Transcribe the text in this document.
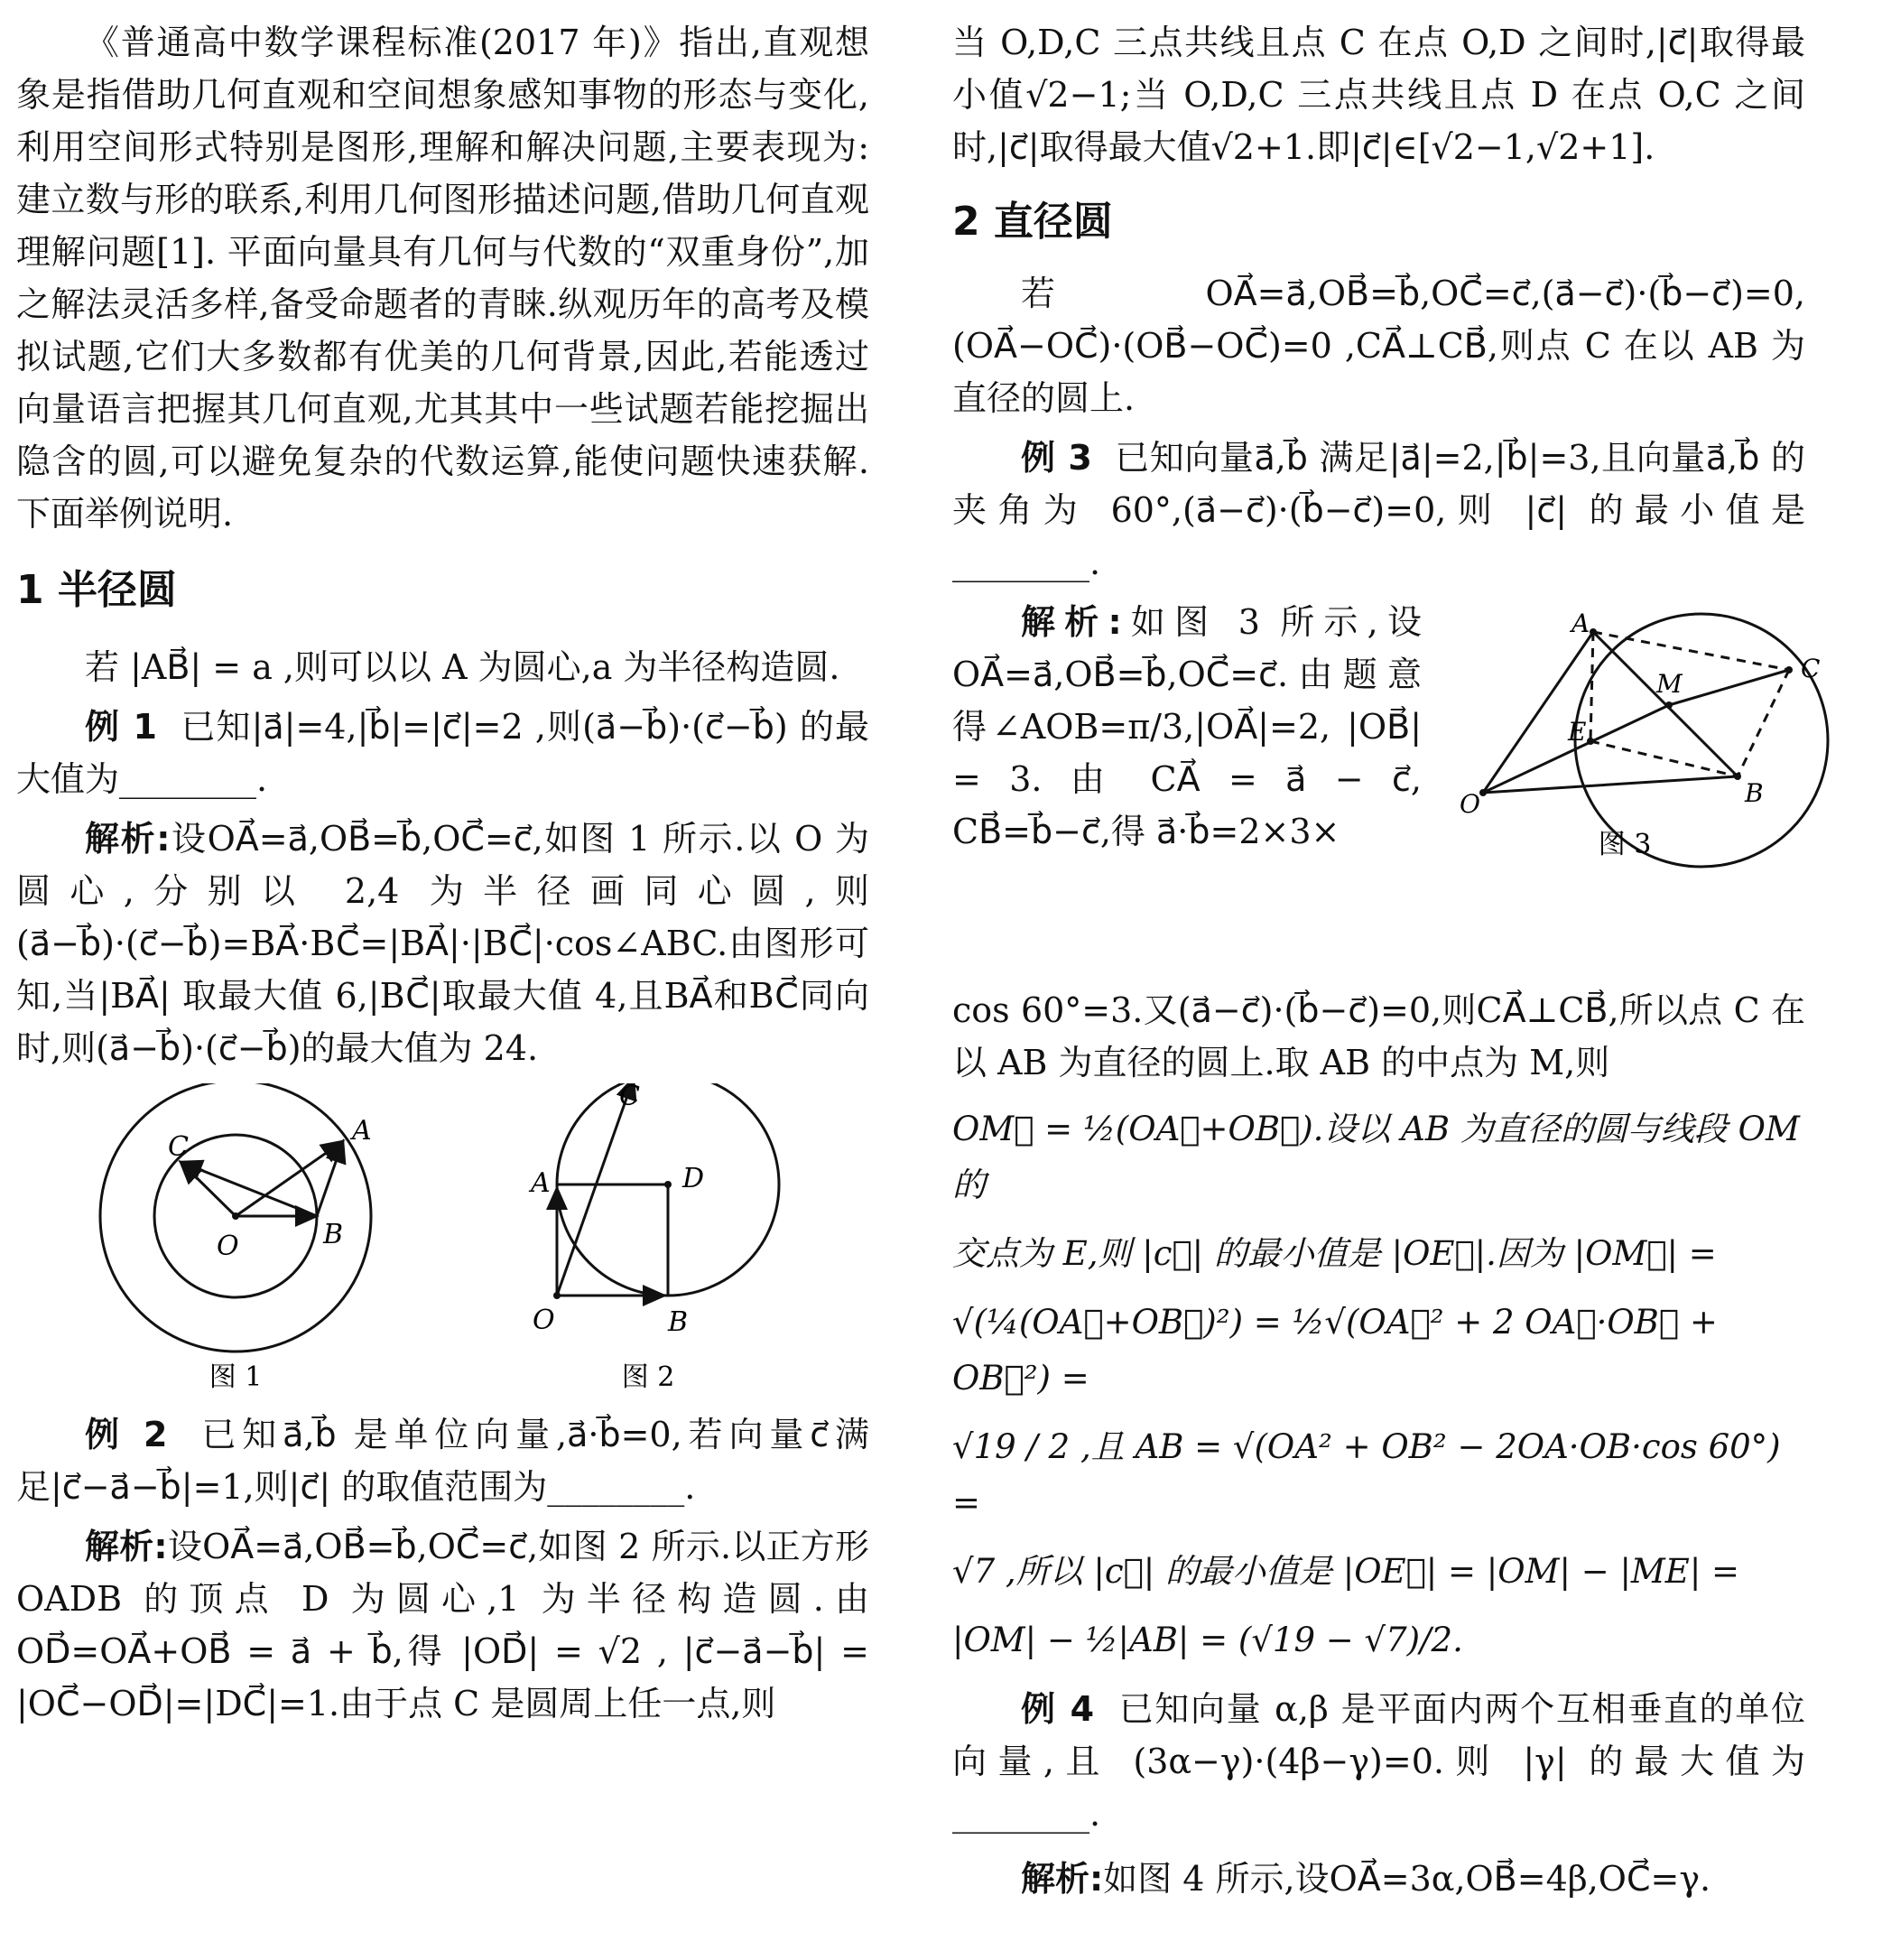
《普通高中数学课程标准(2017 年)》指出,直观想象是指借助几何直观和空间想象感知事物的形态与变化,利用空间形式特别是图形,理解和解决问题,主要表现为:建立数与形的联系,利用几何图形描述问题,借助几何直观理解问题[1]. 平面向量具有几何与代数的“双重身份”,加之解法灵活多样,备受命题者的青睐.纵观历年的高考及模拟试题,它们大多数都有优美的几何背景,因此,若能透过向量语言把握其几何直观,尤其其中一些试题若能挖掘出隐含的圆,可以避免复杂的代数运算,能使问题快速获解.下面举例说明.

1 半径圆

若 |AB⃗| = a ,则可以以 A 为圆心,a 为半径构造圆.

例 1 已知|a⃗|=4,|b⃗|=|c⃗|=2 ,则(a⃗−b⃗)·(c⃗−b⃗) 的最大值为________.

解析:设OA⃗=a⃗,OB⃗=b⃗,OC⃗=c⃗,如图 1 所示.以 O 为圆心,分别以 2,4 为半径画同心圆,则(a⃗−b⃗)·(c⃗−b⃗)=BA⃗·BC⃗=|BA⃗|·|BC⃗|·cos∠ABC.由图形可知,当|BA⃗| 取最大值 6,|BC⃗|取最大值 4,且BA⃗和BC⃗同向时,则(a⃗−b⃗)·(c⃗−b⃗)的最大值为 24.

C
A
O	B
C
A	D
O	B
图 1	图 2

例 2 已知a⃗,b⃗ 是单位向量,a⃗·b⃗=0,若向量c⃗满足|c⃗−a⃗−b⃗|=1,则|c⃗| 的取值范围为________.

解析:设OA⃗=a⃗,OB⃗=b⃗,OC⃗=c⃗,如图 2 所示.以正方形 OADB 的顶点 D 为圆心,1 为半径构造圆.由OD⃗=OA⃗+OB⃗ = a⃗ + b⃗,得 |OD⃗| = √2 , |c⃗−a⃗−b⃗| = |OC⃗−OD⃗|=|DC⃗|=1.由于点 C 是圆周上任一点,则

当 O,D,C 三点共线且点 C 在点 O,D 之间时,|c⃗|取得最小值√2−1;当 O,D,C 三点共线且点 D 在点 O,C 之间时,|c⃗|取得最大值√2+1.即|c⃗|∈[√2−1,√2+1].

2 直径圆

若OA⃗=a⃗,OB⃗=b⃗,OC⃗=c⃗,(a⃗−c⃗)·(b⃗−c⃗)=0,(OA⃗−OC⃗)·(OB⃗−OC⃗)=0 ,CA⃗⊥CB⃗,则点 C 在以 AB 为直径的圆上.

例 3 已知向量a⃗,b⃗ 满足|a⃗|=2,|b⃗|=3,且向量a⃗,b⃗ 的夹角为 60°,(a⃗−c⃗)·(b⃗−c⃗)=0,则 |c⃗| 的最小值是________.

解析:如图 3 所示,设 OA⃗=a⃗,OB⃗=b⃗,OC⃗=c⃗.由题意得∠AOB=π/3,|OA⃗|=2, |OB⃗| = 3. 由 CA⃗ = a⃗ − c⃗, CB⃗=b⃗−c⃗,得 a⃗·b⃗=2×3×

A
C
M
E
O	B
图 3

cos 60°=3.又(a⃗−c⃗)·(b⃗−c⃗)=0,则CA⃗⊥CB⃗,所以点 C 在以 AB 为直径的圆上.取 AB 的中点为 M,则

OM⃗ = ½(OA⃗+OB⃗).设以 AB 为直径的圆与线段 OM 的

交点为 E,则 |c⃗| 的最小值是 |OE⃗|.因为 |OM⃗| =

√(¼(OA⃗+OB⃗)²) = ½√(OA⃗² + 2 OA⃗·OB⃗ + OB⃗²) =

√19 / 2 ,且 AB = √(OA² + OB² − 2OA·OB·cos 60°) =

√7 ,所以 |c⃗| 的最小值是 |OE⃗| = |OM| − |ME| =

|OM| − ½|AB| = (√19 − √7)/2.

例 4 已知向量 α,β 是平面内两个互相垂直的单位向量,且 (3α−γ)·(4β−γ)=0.则 |γ| 的最大值为________.

解析:如图 4 所示,设OA⃗=3α,OB⃗=4β,OC⃗=γ.
